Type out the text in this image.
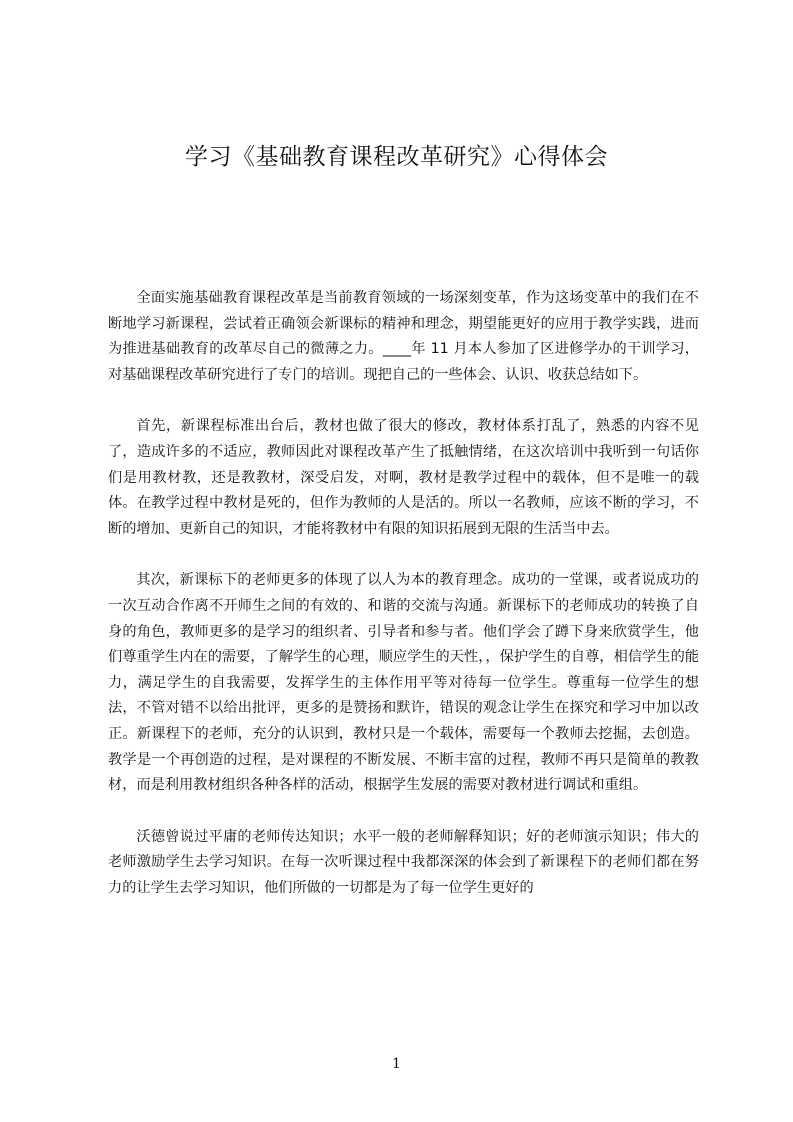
学习《基础教育课程改革研究》心得体会

全面实施基础教育课程改革是当前教育领域的一场深刻变革，作为这场变革中的我们在不断地学习新课程，尝试着正确领会新课标的精神和理念，期望能更好的应用于教学实践，进而为推进基础教育的改革尽自己的微薄之力。____年 11 月本人参加了区进修学办的干训学习，对基础课程改革研究进行了专门的培训。现把自己的一些体会、认识、收获总结如下。

首先，新课程标准出台后，教材也做了很大的修改，教材体系打乱了，熟悉的内容不见了，造成许多的不适应，教师因此对课程改革产生了抵触情绪，在这次培训中我听到一句话你们是用教材教，还是教教材，深受启发，对啊，教材是教学过程中的载体，但不是唯一的载体。在教学过程中教材是死的，但作为教师的人是活的。所以一名教师，应该不断的学习，不断的增加、更新自己的知识，才能将教材中有限的知识拓展到无限的生活当中去。

其次，新课标下的老师更多的体现了以人为本的教育理念。成功的一堂课，或者说成功的一次互动合作离不开师生之间的有效的、和谐的交流与沟通。新课标下的老师成功的转换了自身的角色，教师更多的是学习的组织者、引导者和参与者。他们学会了蹲下身来欣赏学生，他们尊重学生内在的需要，了解学生的心理，顺应学生的天性，，保护学生的自尊，相信学生的能力，满足学生的自我需要，发挥学生的主体作用平等对待每一位学生。尊重每一位学生的想法，不管对错不以给出批评，更多的是赞扬和默许，错误的观念让学生在探究和学习中加以改正。新课程下的老师，充分的认识到，教材只是一个载体，需要每一个教师去挖掘，去创造。教学是一个再创造的过程，是对课程的不断发展、不断丰富的过程，教师不再只是简单的教教材，而是利用教材组织各种各样的活动，根据学生发展的需要对教材进行调试和重组。

沃德曾说过平庸的老师传达知识；水平一般的老师解释知识；好的老师演示知识；伟大的老师激励学生去学习知识。在每一次听课过程中我都深深的体会到了新课程下的老师们都在努力的让学生去学习知识，他们所做的一切都是为了每一位学生更好的

1
